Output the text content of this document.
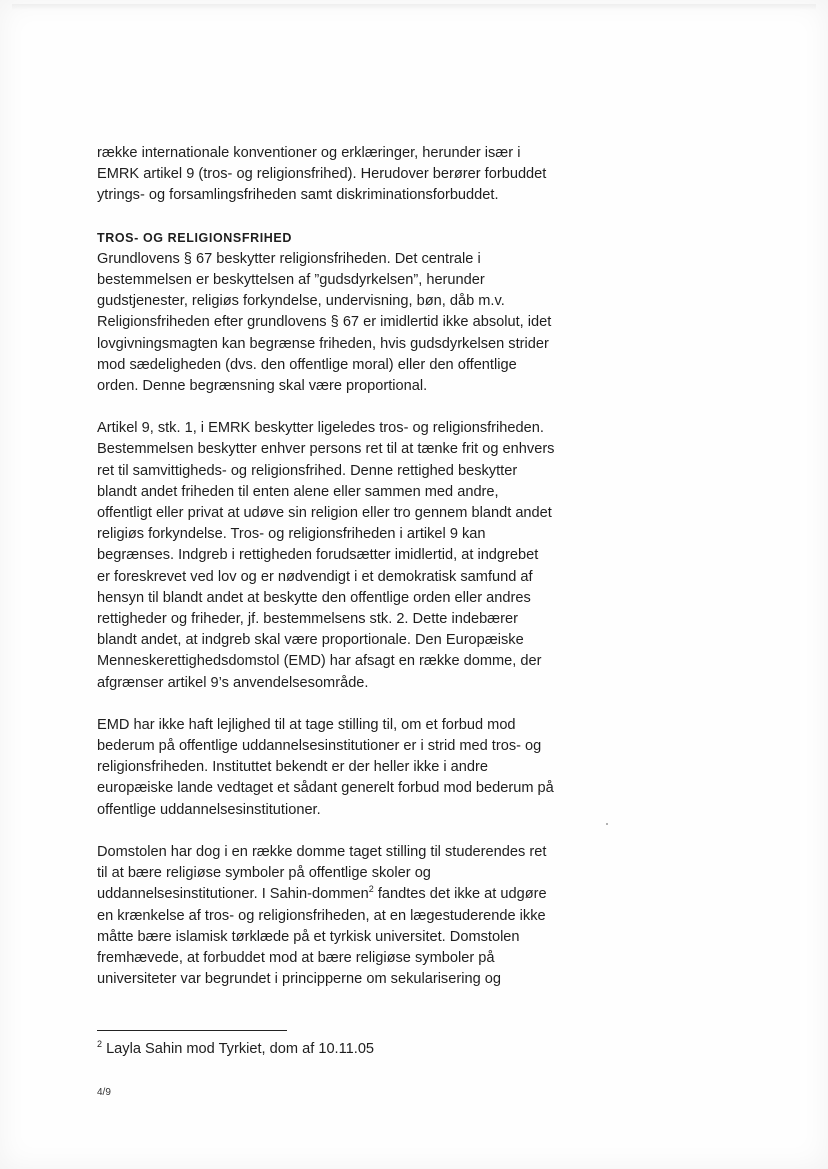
række internationale konventioner og erklæringer, herunder især i
EMRK artikel 9 (tros- og religionsfrihed). Herudover berører forbuddet
ytrings- og forsamlingsfriheden samt diskriminationsforbuddet.

TROS- OG RELIGIONSFRIHED

Grundlovens § 67 beskytter religionsfriheden. Det centrale i
bestemmelsen er beskyttelsen af ”gudsdyrkelsen”, herunder
gudstjenester, religiøs forkyndelse, undervisning, bøn, dåb m.v.
Religionsfriheden efter grundlovens § 67 er imidlertid ikke absolut, idet
lovgivningsmagten kan begrænse friheden, hvis gudsdyrkelsen strider
mod sædeligheden (dvs. den offentlige moral) eller den offentlige
orden. Denne begrænsning skal være proportional.

Artikel 9, stk. 1, i EMRK beskytter ligeledes tros- og religionsfriheden.
Bestemmelsen beskytter enhver persons ret til at tænke frit og enhvers
ret til samvittigheds- og religionsfrihed. Denne rettighed beskytter
blandt andet friheden til enten alene eller sammen med andre,
offentligt eller privat at udøve sin religion eller tro gennem blandt andet
religiøs forkyndelse. Tros- og religionsfriheden i artikel 9 kan
begrænses. Indgreb i rettigheden forudsætter imidlertid, at indgrebet
er foreskrevet ved lov og er nødvendigt i et demokratisk samfund af
hensyn til blandt andet at beskytte den offentlige orden eller andres
rettigheder og friheder, jf. bestemmelsens stk. 2. Dette indebærer
blandt andet, at indgreb skal være proportionale. Den Europæiske
Menneskerettighedsdomstol (EMD) har afsagt en række domme, der
afgrænser artikel 9’s anvendelsesområde.

EMD har ikke haft lejlighed til at tage stilling til, om et forbud mod
bederum på offentlige uddannelsesinstitutioner er i strid med tros- og
religionsfriheden. Instituttet bekendt er der heller ikke i andre
europæiske lande vedtaget et sådant generelt forbud mod bederum på
offentlige uddannelsesinstitutioner.

Domstolen har dog i en række domme taget stilling til studerendes ret
til at bære religiøse symboler på offentlige skoler og
uddannelsesinstitutioner. I Sahin-dommen$^2$ fandtes det ikke at udgøre
en krænkelse af tros- og religionsfriheden, at en lægestuderende ikke
måtte bære islamisk tørklæde på et tyrkisk universitet. Domstolen
fremhævede, at forbuddet mod at bære religiøse symboler på
universiteter var begrundet i principperne om sekularisering og

$^2$ Layla Sahin mod Tyrkiet, dom af 10.11.05
4/9
